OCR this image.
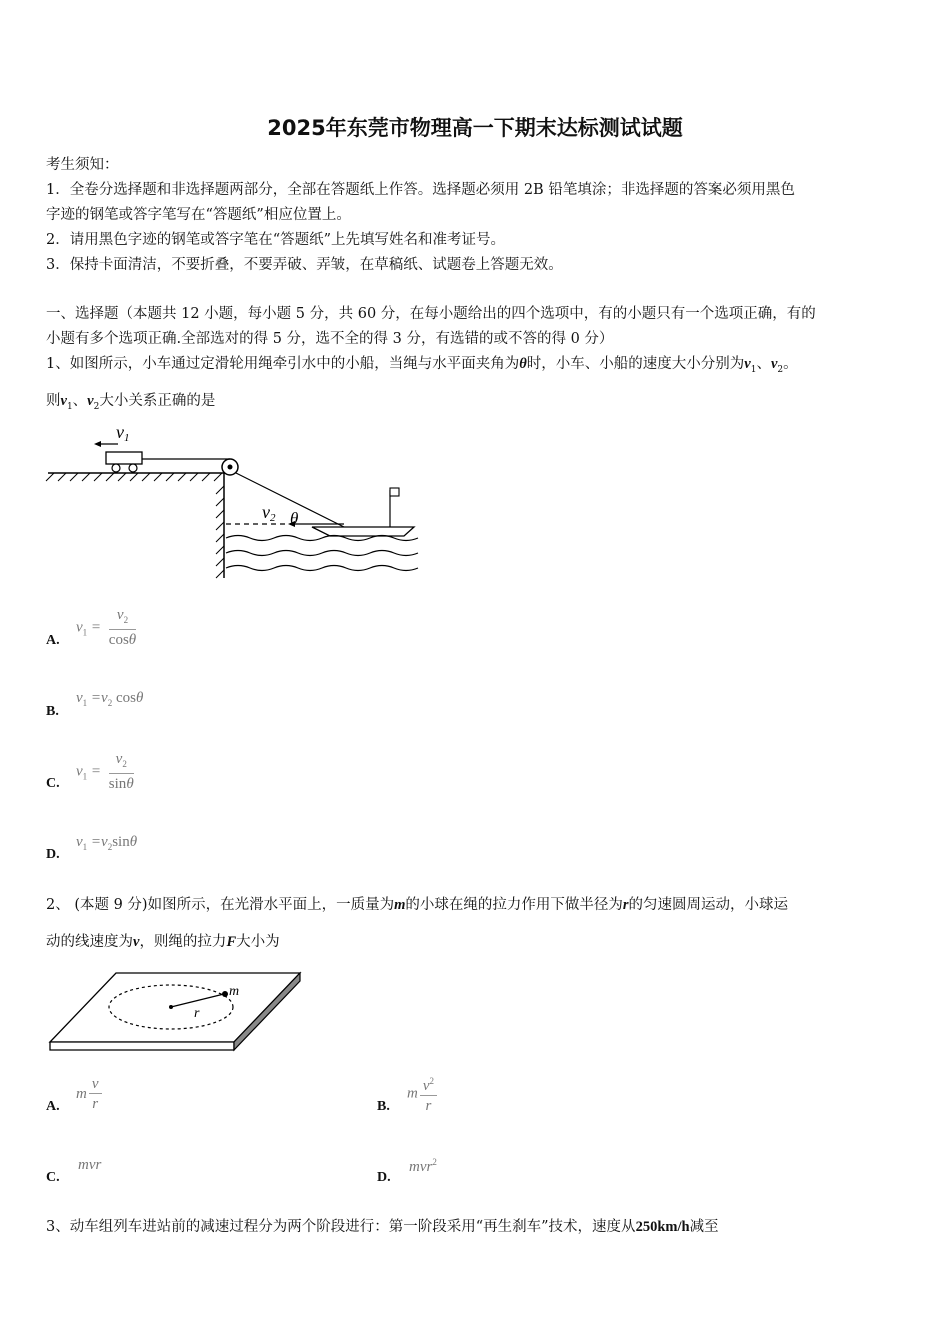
2025年东莞市物理高一下期末达标测试试题
考生须知：
1．全卷分选择题和非选择题两部分，全部在答题纸上作答。选择题必须用 2B 铅笔填涂；非选择题的答案必须用黑色
字迹的钢笔或答字笔写在“答题纸”相应位置上。
2．请用黑色字迹的钢笔或答字笔在“答题纸”上先填写姓名和准考证号。
3．保持卡面清洁，不要折叠，不要弄破、弄皱，在草稿纸、试题卷上答题无效。
一、选择题（本题共 12 小题，每小题 5 分，共 60 分，在每小题给出的四个选项中，有的小题只有一个选项正确，有的
小题有多个选项正确.全部选对的得 5 分，选不全的得 3 分，有选错的或不答的得 0 分）
1、如图所示，小车通过定滑轮用绳牵引水中的小船，当绳与水平面夹角为θ时，小车、小船的速度大小分别为$v_1$、$v_2$。
则$v_1$、$v_2$大小关系正确的是
v1
v2 θ
A.
$v_1 = \frac{v_2}{\cos\theta}$
B.
$v_1 =v_2$ cosθ
C.
$v_1 = \frac{v_2}{\sin\theta}$
D.
$v_1 =v_2\sin\theta$
2、 (本题 9 分)如图所示，在光滑水平面上，一质量为m的小球在绳的拉力作用下做半径为r的匀速圆周运动，小球运
动的线速度为v，则绳的拉力F大小为
m
r
A.
m $\frac{v}{r}$	B.
m $\frac{v^2}{r}$
C.
mvr
D.
mvr$^2$
3、动车组列车进站前的减速过程分为两个阶段进行：第一阶段采用“再生刹车”技术，速度从250km/h减至
